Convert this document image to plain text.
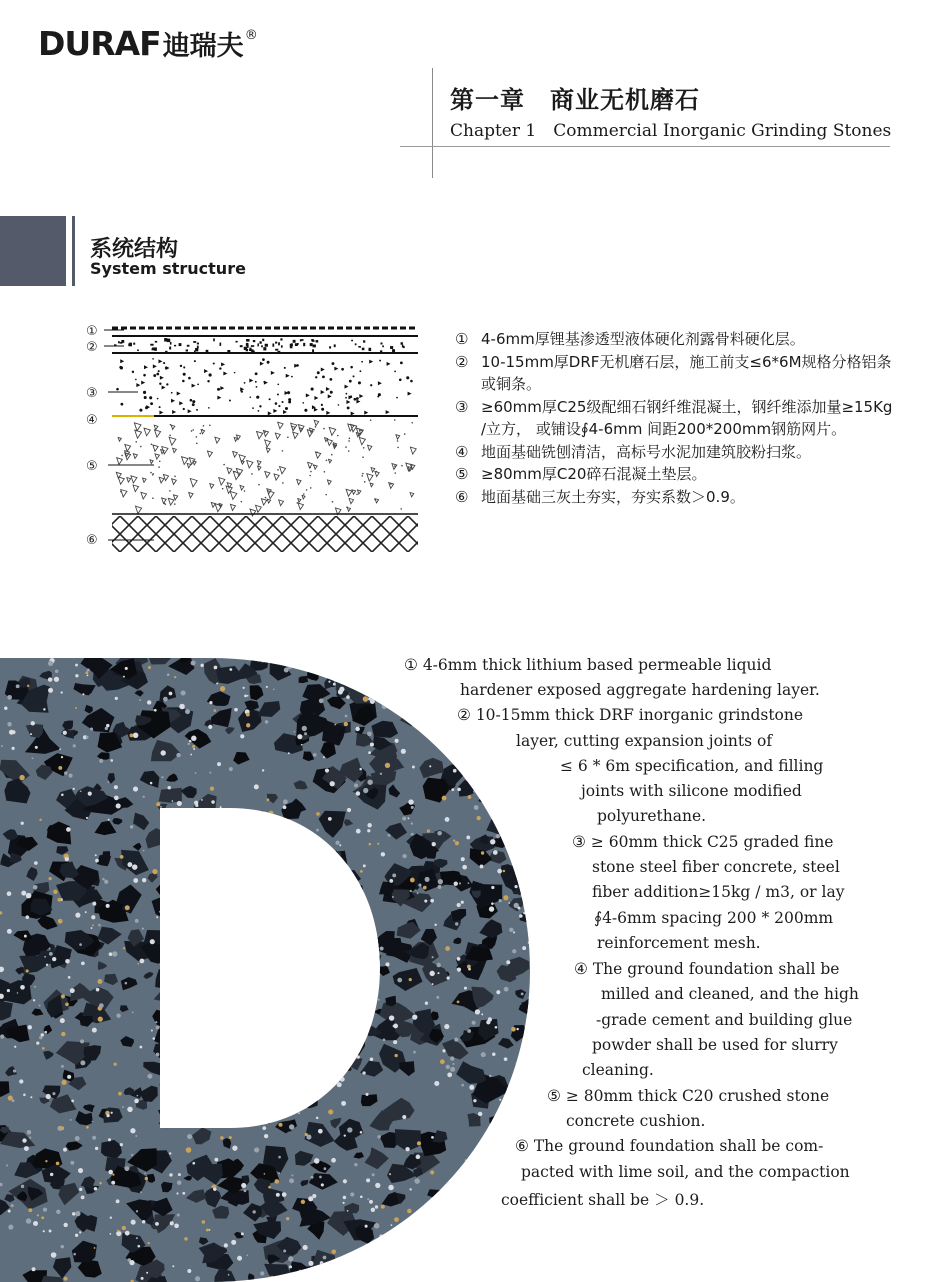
DURAF 迪瑞夫 ®
第一章　商业无机磨石
Chapter 1　Commercial Inorganic Grinding Stones
系统结构
System structure
①
②
③
④
⑤
⑥
① 4-6mm厚锂基渗透型液体硬化剂露骨料硬化层。
② 10-15mm厚DRF无机磨石层，施工前支≤6*6M规格分格铝条或铜条。
③ ≥60mm厚C25级配细石钢纤维混凝土，钢纤维添加量≥15Kg /立方， 或铺设∮4-6mm 间距200*200mm钢筋网片。
④ 地面基础铣刨清洁，高标号水泥加建筑胶粉扫浆。
⑤ ≥80mm厚C20碎石混凝土垫层。
⑥ 地面基础三灰土夯实，夯实系数＞0.9。
① 4-6mm thick lithium based permeable liquid
hardener exposed aggregate hardening layer.
② 10-15mm thick DRF inorganic grindstone
layer, cutting expansion joints of
≤ 6 * 6m specification, and filling
joints with silicone modified
polyurethane.
③ ≥ 60mm thick C25 graded fine
stone steel fiber concrete, steel
fiber addition≥15kg / m3, or lay
∮4-6mm spacing 200 * 200mm
reinforcement mesh.
④ The ground foundation shall be
milled and cleaned, and the high
-grade cement and building glue
powder shall be used for slurry
cleaning.
⑤ ≥ 80mm thick C20 crushed stone
concrete cushion.
⑥ The ground foundation shall be com-
pacted with lime soil, and the compaction
coefficient shall be ＞ 0.9.
